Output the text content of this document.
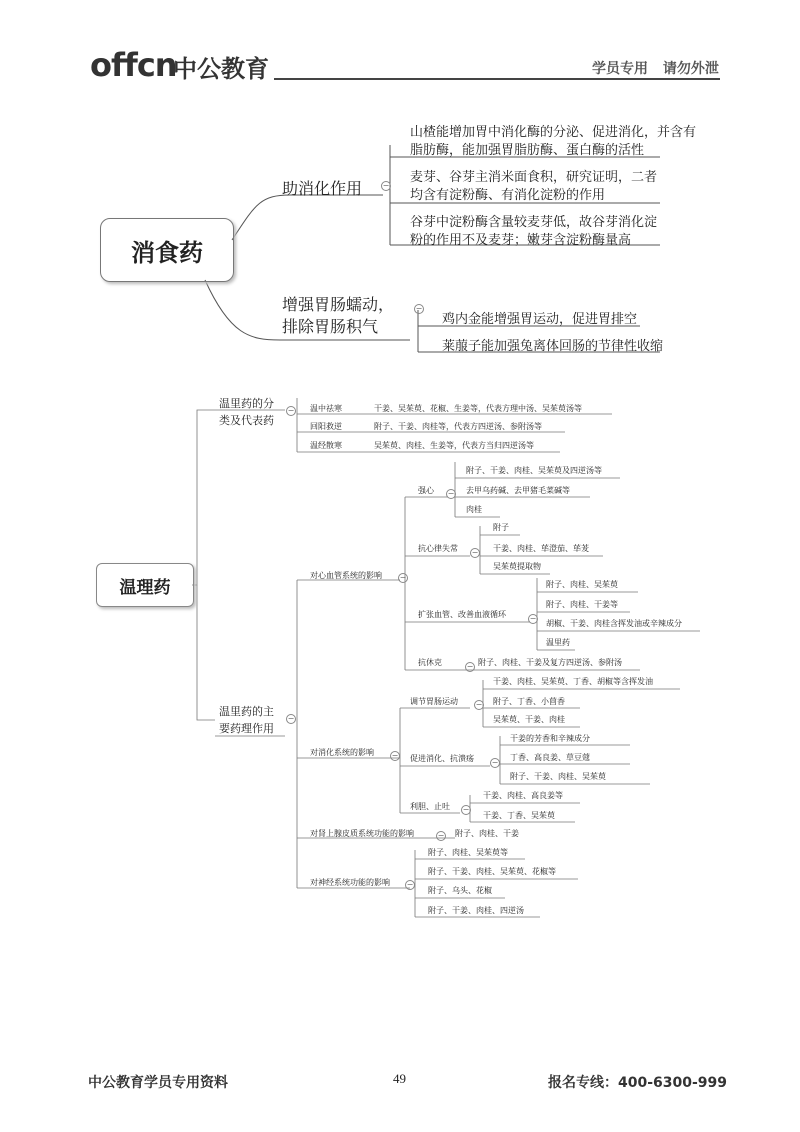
offcn
中公教育	学员专用 请勿外泄
消食药
助消化作用	−
山楂能增加胃中消化酶的分泌、促进消化，并含有
脂肪酶，能加强胃脂肪酶、蛋白酶的活性
麦芽、谷芽主消米面食积，研究证明，二者
均含有淀粉酶、有消化淀粉的作用
谷芽中淀粉酶含量较麦芽低，故谷芽消化淀
粉的作用不及麦芽；嫩芽含淀粉酶量高
增强胃肠蠕动，
排除胃肠积气
−
鸡内金能增强胃运动，促进胃排空
莱菔子能加强兔离体回肠的节律性收缩
温理药
温里药的分
类及代表药
− 温中祛寒	干姜、吴茱萸、花椒、生姜等，代表方理中汤、吴茱萸汤等
回阳救逆	附子、干姜、肉桂等，代表方四逆汤、参附汤等
温经散寒	吴茱萸、肉桂、生姜等，代表方当归四逆汤等
温里药的主
要药理作用
−
对心血管系统的影响
强心
附子、干姜、肉桂、吴茱萸及四逆汤等
去甲乌药碱、去甲猪毛菜碱等
肉桂
抗心律失常
附子
干姜、肉桂、荜澄茄、荜茇
吴茱萸提取物
扩张血管、改善血液循环
附子、肉桂、吴茱萸
附子、肉桂、干姜等
胡椒、干姜、肉桂含挥发油或辛辣成分
温里药
抗休克	附子、肉桂、干姜及复方四逆汤、参附汤
对消化系统的影响
调节胃肠运动
干姜、肉桂、吴茱萸、丁香、胡椒等含挥发油
附子、丁香、小茴香
吴茱萸、干姜、肉桂
促进消化、抗溃疡
干姜的芳香和辛辣成分
丁香、高良姜、草豆蔻
附子、干姜、肉桂、吴茱萸
利胆、止吐
干姜、肉桂、高良姜等
干姜、丁香、吴茱萸
对肾上腺皮质系统功能的影响	附子、肉桂、干姜
对神经系统功能的影响
附子、肉桂、吴茱萸等
附子、干姜、肉桂、吴茱萸、花椒等
附子、乌头、花椒
附子、干姜、肉桂、四逆汤
−
−
−
−
−
−
−
−
−
−
−
中公教育学员专用资料	49	报名专线：400-6300-999
